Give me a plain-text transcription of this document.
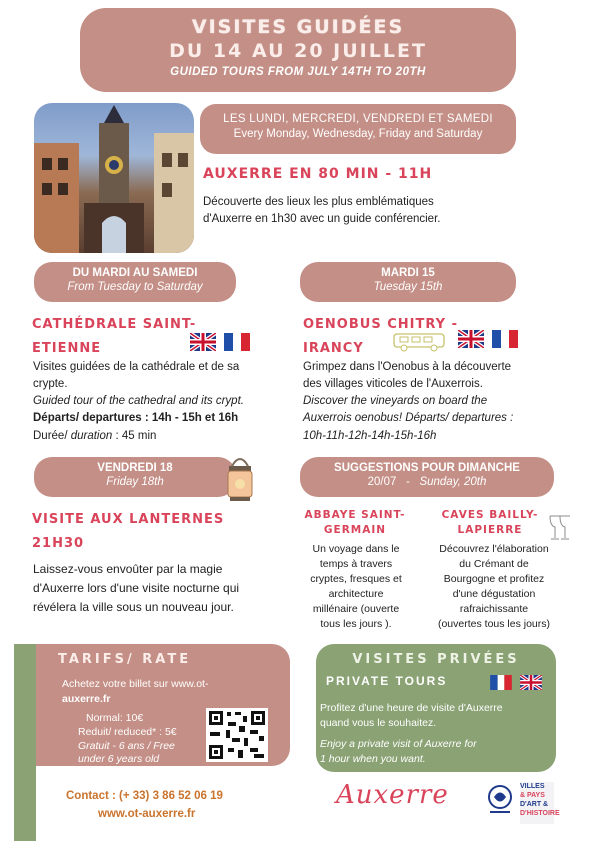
VISITES GUIDÉES
DU 14 AU 20 JUILLET
GUIDED TOURS FROM JULY 14TH TO 20TH
LES LUNDI, MERCREDI, VENDREDI ET SAMEDI
Every Monday, Wednesday, Friday and Saturday
AUXERRE EN 80 MIN - 11H
Découverte des lieux les plus emblématiques
d'Auxerre en 1h30 avec un guide conférencier.
DU MARDI AU SAMEDI
From Tuesday to Saturday
CATHÉDRALE SAINT-
ETIENNE

Visites guidées de la cathédrale et de sa
crypte.
Guided tour of the cathedral and its crypt.
Départs/ departures : 14h - 15h et 16h
Durée/ duration : 45 min
MARDI 15
Tuesday 15th
OENOBUS CHITRY -
IRANCY

Grimpez dans l'Oenobus à la découverte
des villages viticoles de l'Auxerrois.
Discover the vineyards on board the
Auxerrois oenobus! Départs/ departures :
10h-11h-12h-14h-15h-16h
VENDREDI 18
Friday 18th
VISITE AUX LANTERNES
21H30
Laissez-vous envoûter par la magie
d'Auxerre lors d'une visite nocturne qui
révélera la ville sous un nouveau jour.
SUGGESTIONS POUR DIMANCHE
20/07 - Sunday, 20th
ABBAYE SAINT-
GERMAIN
Un voyage dans le
temps à travers
cryptes, fresques et
architecture
millénaire (ouverte
tous les jours ).
CAVES BAILLY-
LAPIERRE
Découvrez l'élaboration
du Crémant de
Bourgogne et profitez
d'une dégustation
rafraichissante
(ouvertes tous les jours)
TARIFS/ RATE
Achetez votre billet sur www.ot-
auxerre.fr
Normal: 10€
Reduit/ reduced* : 5€
Gratuit - 6 ans / Free
under 6 years old
VISITES PRIVÉES
PRIVATE TOURS

Profitez d'une heure de visite d'Auxerre
quand vous le souhaitez.
Enjoy a private visit of Auxerre for
1 hour when you want.
Contact : (+ 33) 3 86 52 06 19
www.ot-auxerre.fr
Auxerre	VILLES
& PAYS
D'ART &
D'HISTOIRE
